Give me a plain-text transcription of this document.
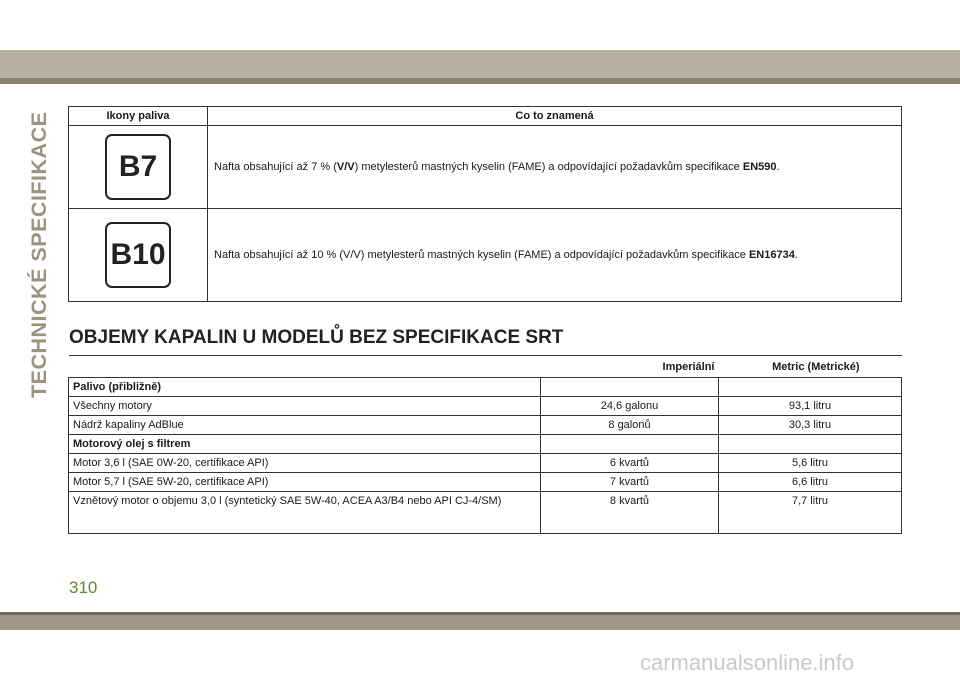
TECHNICKÉ SPECIFIKACE	Ikony paliva	Co to znamená
B7	Nafta obsahující až 7 % (V/V) metylesterů mastných kyselin (FAME) a odpovídající požadavkům specifikace EN590.
B10	Nafta obsahující až 10 % (V/V) metylesterů mastných kyselin (FAME) a odpovídající požadavkům specifikace EN16734.
OBJEMY KAPALIN U MODELŮ BEZ SPECIFIKACE SRT
	Imperiální	Metric (Metrické)
Palivo (přibližně)		
Všechny motory	24,6 galonu	93,1 litru
Nádrž kapaliny AdBlue	8 galonů	30,3 litru
Motorový olej s filtrem		
Motor 3,6 l (SAE 0W-20, certifikace API)	6 kvartů	5,6 litru
Motor 5,7 l (SAE 5W-20, certifikace API)	7 kvartů	6,6 litru
Vznětový motor o objemu 3,0 l (syntetický SAE 5W-40, ACEA A3/B4 nebo API CJ-4/SM)	8 kvartů	7,7 litru
310
carmanualsonline.info
